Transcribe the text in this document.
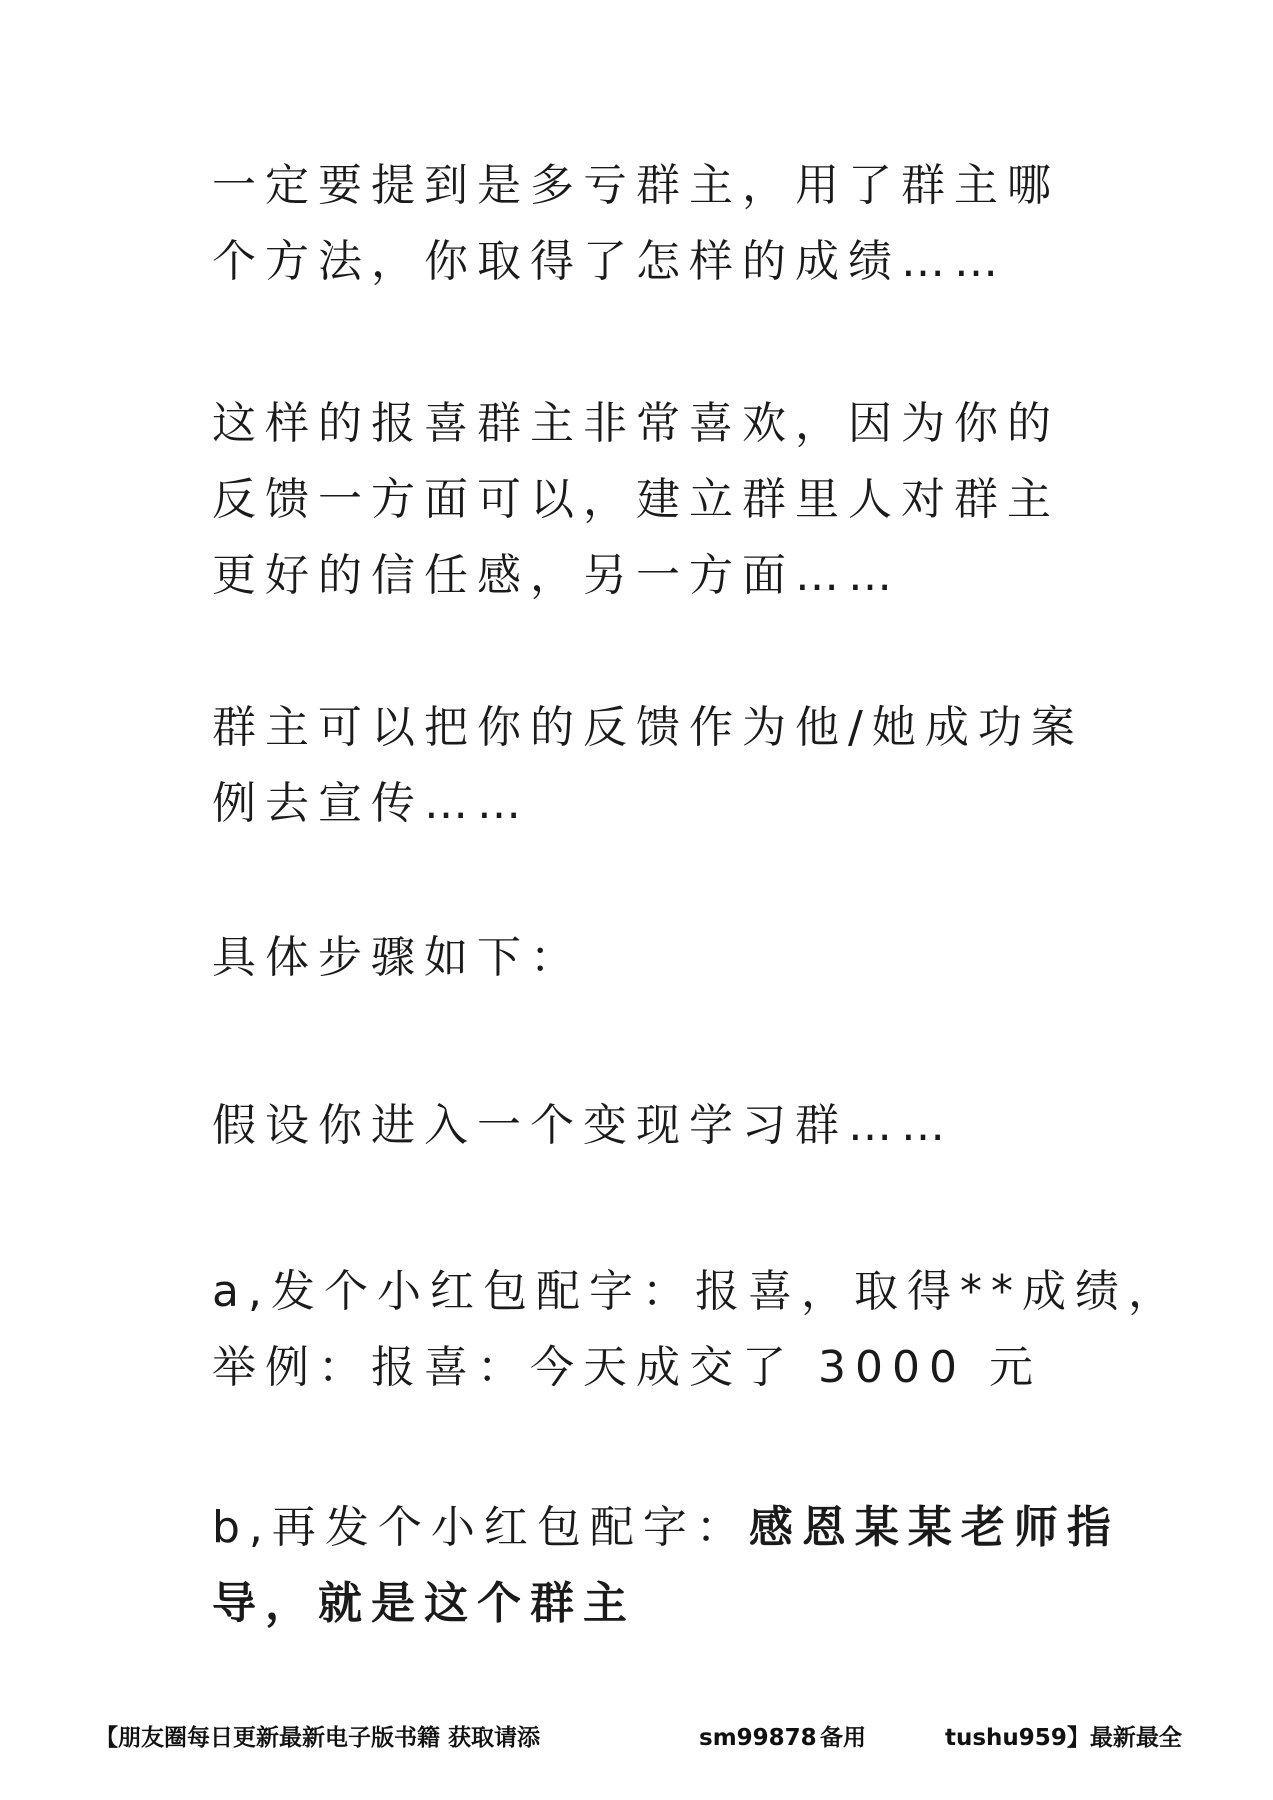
一定要提到是多亏群主，用了群主哪
个方法，你取得了怎样的成绩……

这样的报喜群主非常喜欢，因为你的
反馈一方面可以，建立群里人对群主
更好的信任感，另一方面……

群主可以把你的反馈作为他/她成功案
例去宣传……

具体步骤如下：

假设你进入一个变现学习群……

a,发个小红包配字：报喜，取得**成绩，
举例：报喜：今天成交了 3000 元

b,再发个小红包配字：感恩某某老师指
导，就是这个群主

【朋友圈每日更新最新电子版书籍 获取请添	sm99878 备用	tushu959】最新最全
